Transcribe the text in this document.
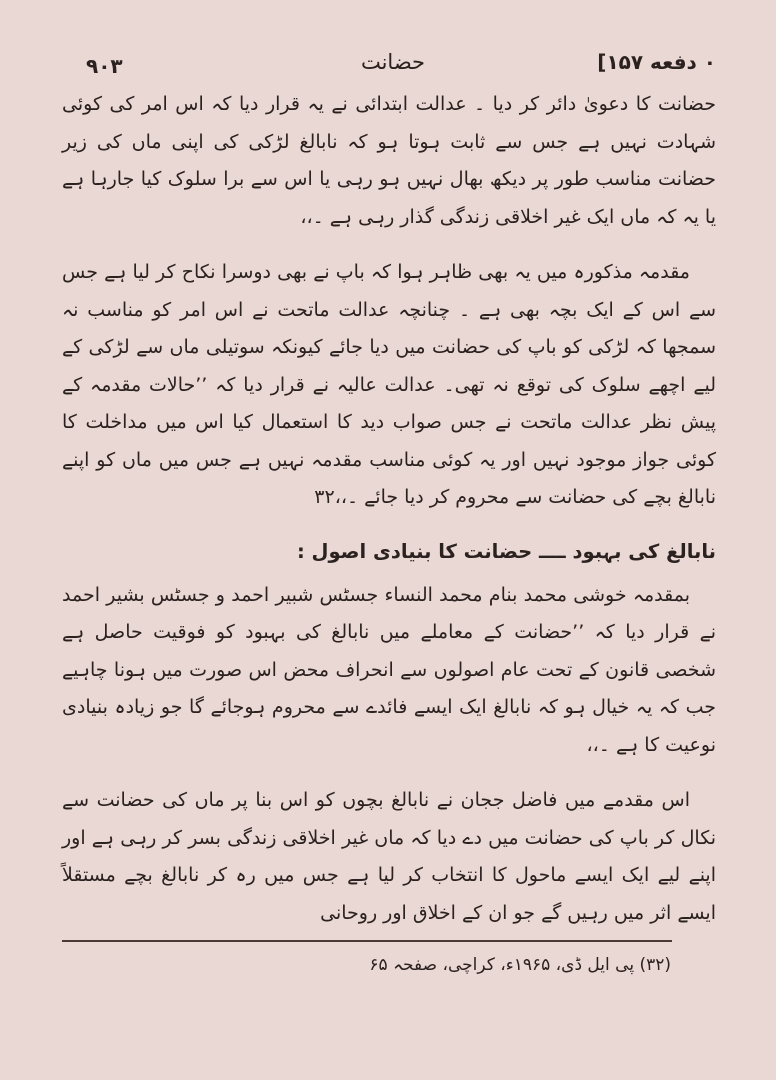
۹۰۳	حضانت	۰ دفعه ۱۵۷]

حضانت کا دعویٰ دائر کر دیا ۔ عدالت ابتدائی نے یہ قرار دیا کہ اس امر کی کوئی شہادت نہیں ہے جس سے ثابت ہوتا ہو کہ نابالغ لڑکی کی اپنی ماں کی زیر حضانت مناسب طور پر دیکھ بھال نہیں ہو رہی یا اس سے برا سلوک کیا جارہا ہے یا یہ کہ ماں ایک غیر اخلاقی زندگی گذار رہی ہے ۔،،

مقدمہ مذکورہ میں یہ بھی ظاہر ہوا کہ باپ نے بھی دوسرا نکاح کر لیا ہے جس سے اس کے ایک بچہ بھی ہے ۔ چنانچہ عدالت ماتحت نے اس امر کو مناسب نہ سمجھا کہ لڑکی کو باپ کی حضانت میں دیا جائے کیونکہ سوتیلی ماں سے لڑکی کے لیے اچھے سلوک کی توقع نہ تھی۔ عدالت عالیہ نے قرار دیا کہ ’’حالات مقدمہ کے پیش نظر عدالت ماتحت نے جس صواب دید کا استعمال کیا اس میں مداخلت کا کوئی جواز موجود نہیں اور یہ کوئی مناسب مقدمہ نہیں ہے جس میں ماں کو اپنے نابالغ بچے کی حضانت سے محروم کر دیا جائے ۔،،۳۲

نابالغ کی بہبود ــــ حضانت کا بنیادی اصول :

بمقدمہ خوشی محمد بنام محمد النساء جسٹس شبیر احمد و جسٹس بشیر احمد نے قرار دیا کہ ’’حضانت کے معاملے میں نابالغ کی بہبود کو فوقیت حاصل ہے شخصی قانون کے تحت عام اصولوں سے انحراف محض اس صورت میں ہونا چاہیے جب کہ یہ خیال ہو کہ نابالغ ایک ایسے فائدے سے محروم ہوجائے گا جو زیادہ بنیادی نوعیت کا ہے ۔،،

اس مقدمے میں فاضل ججان نے نابالغ بچوں کو اس بنا پر ماں کی حضانت سے نکال کر باپ کی حضانت میں دے دیا کہ ماں غیر اخلاقی زندگی بسر کر رہی ہے اور اپنے لیے ایک ایسے ماحول کا انتخاب کر لیا ہے جس میں رہ کر نابالغ بچے مستقلاً ایسے اثر میں رہیں گے جو ان کے اخلاق اور روحانی

(۳۲) پی ایل ڈی، ۱۹۶۵ء، کراچی، صفحہ ۶۵
